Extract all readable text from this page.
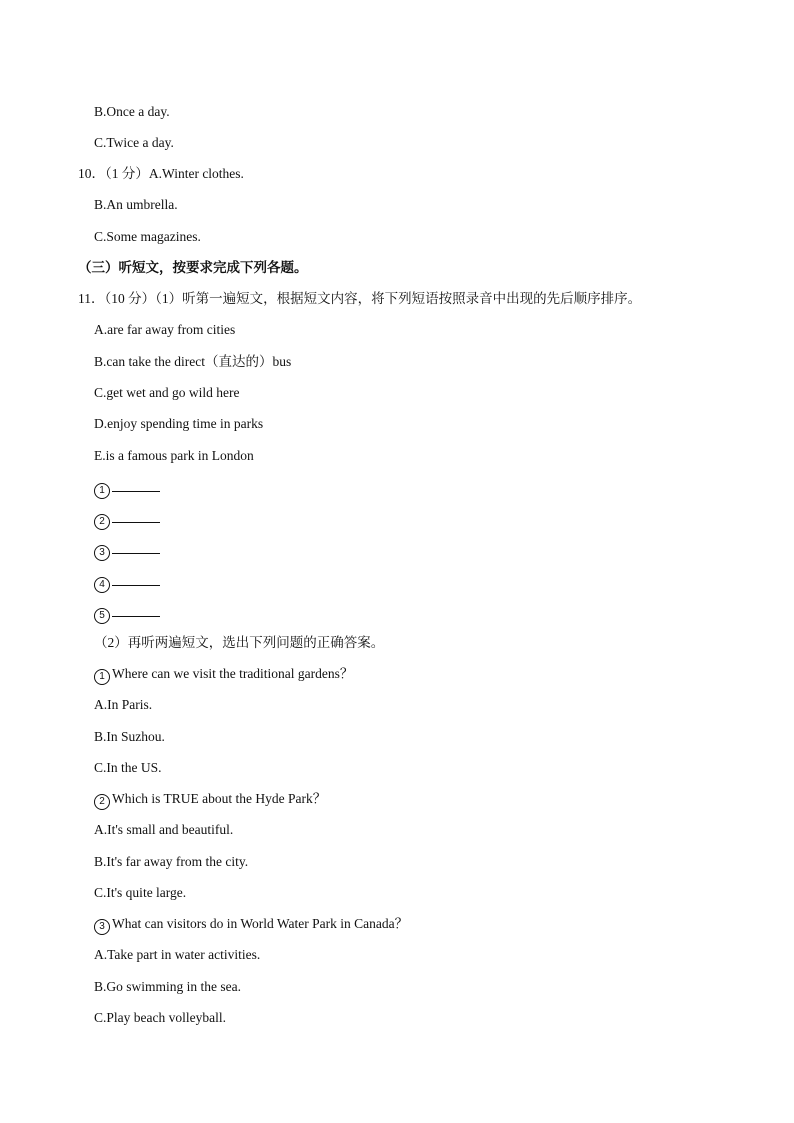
B.Once a day.
C.Twice a day.
10．（1 分）A.Winter clothes.
B.An umbrella.
C.Some magazines.
（三）听短文，按要求完成下列各题。
11．（10 分）（1）听第一遍短文，根据短文内容，将下列短语按照录音中出现的先后顺序排序。
A.are far away from cities
B.can take the direct（直达的）bus
C.get wet and go wild here
D.enjoy spending time in parks
E.is a famous park in London
1
2
3
4
5
（2）再听两遍短文，选出下列问题的正确答案。
1 Where can we visit the traditional gardens？
A.In Paris.
B.In Suzhou.
C.In the US.
2 Which is TRUE about the Hyde Park？
A.It's small and beautiful.
B.It's far away from the city.
C.It's quite large.
3 What can visitors do in World Water Park in Canada？
A.Take part in water activities.
B.Go swimming in the sea.
C.Play beach volleyball.
